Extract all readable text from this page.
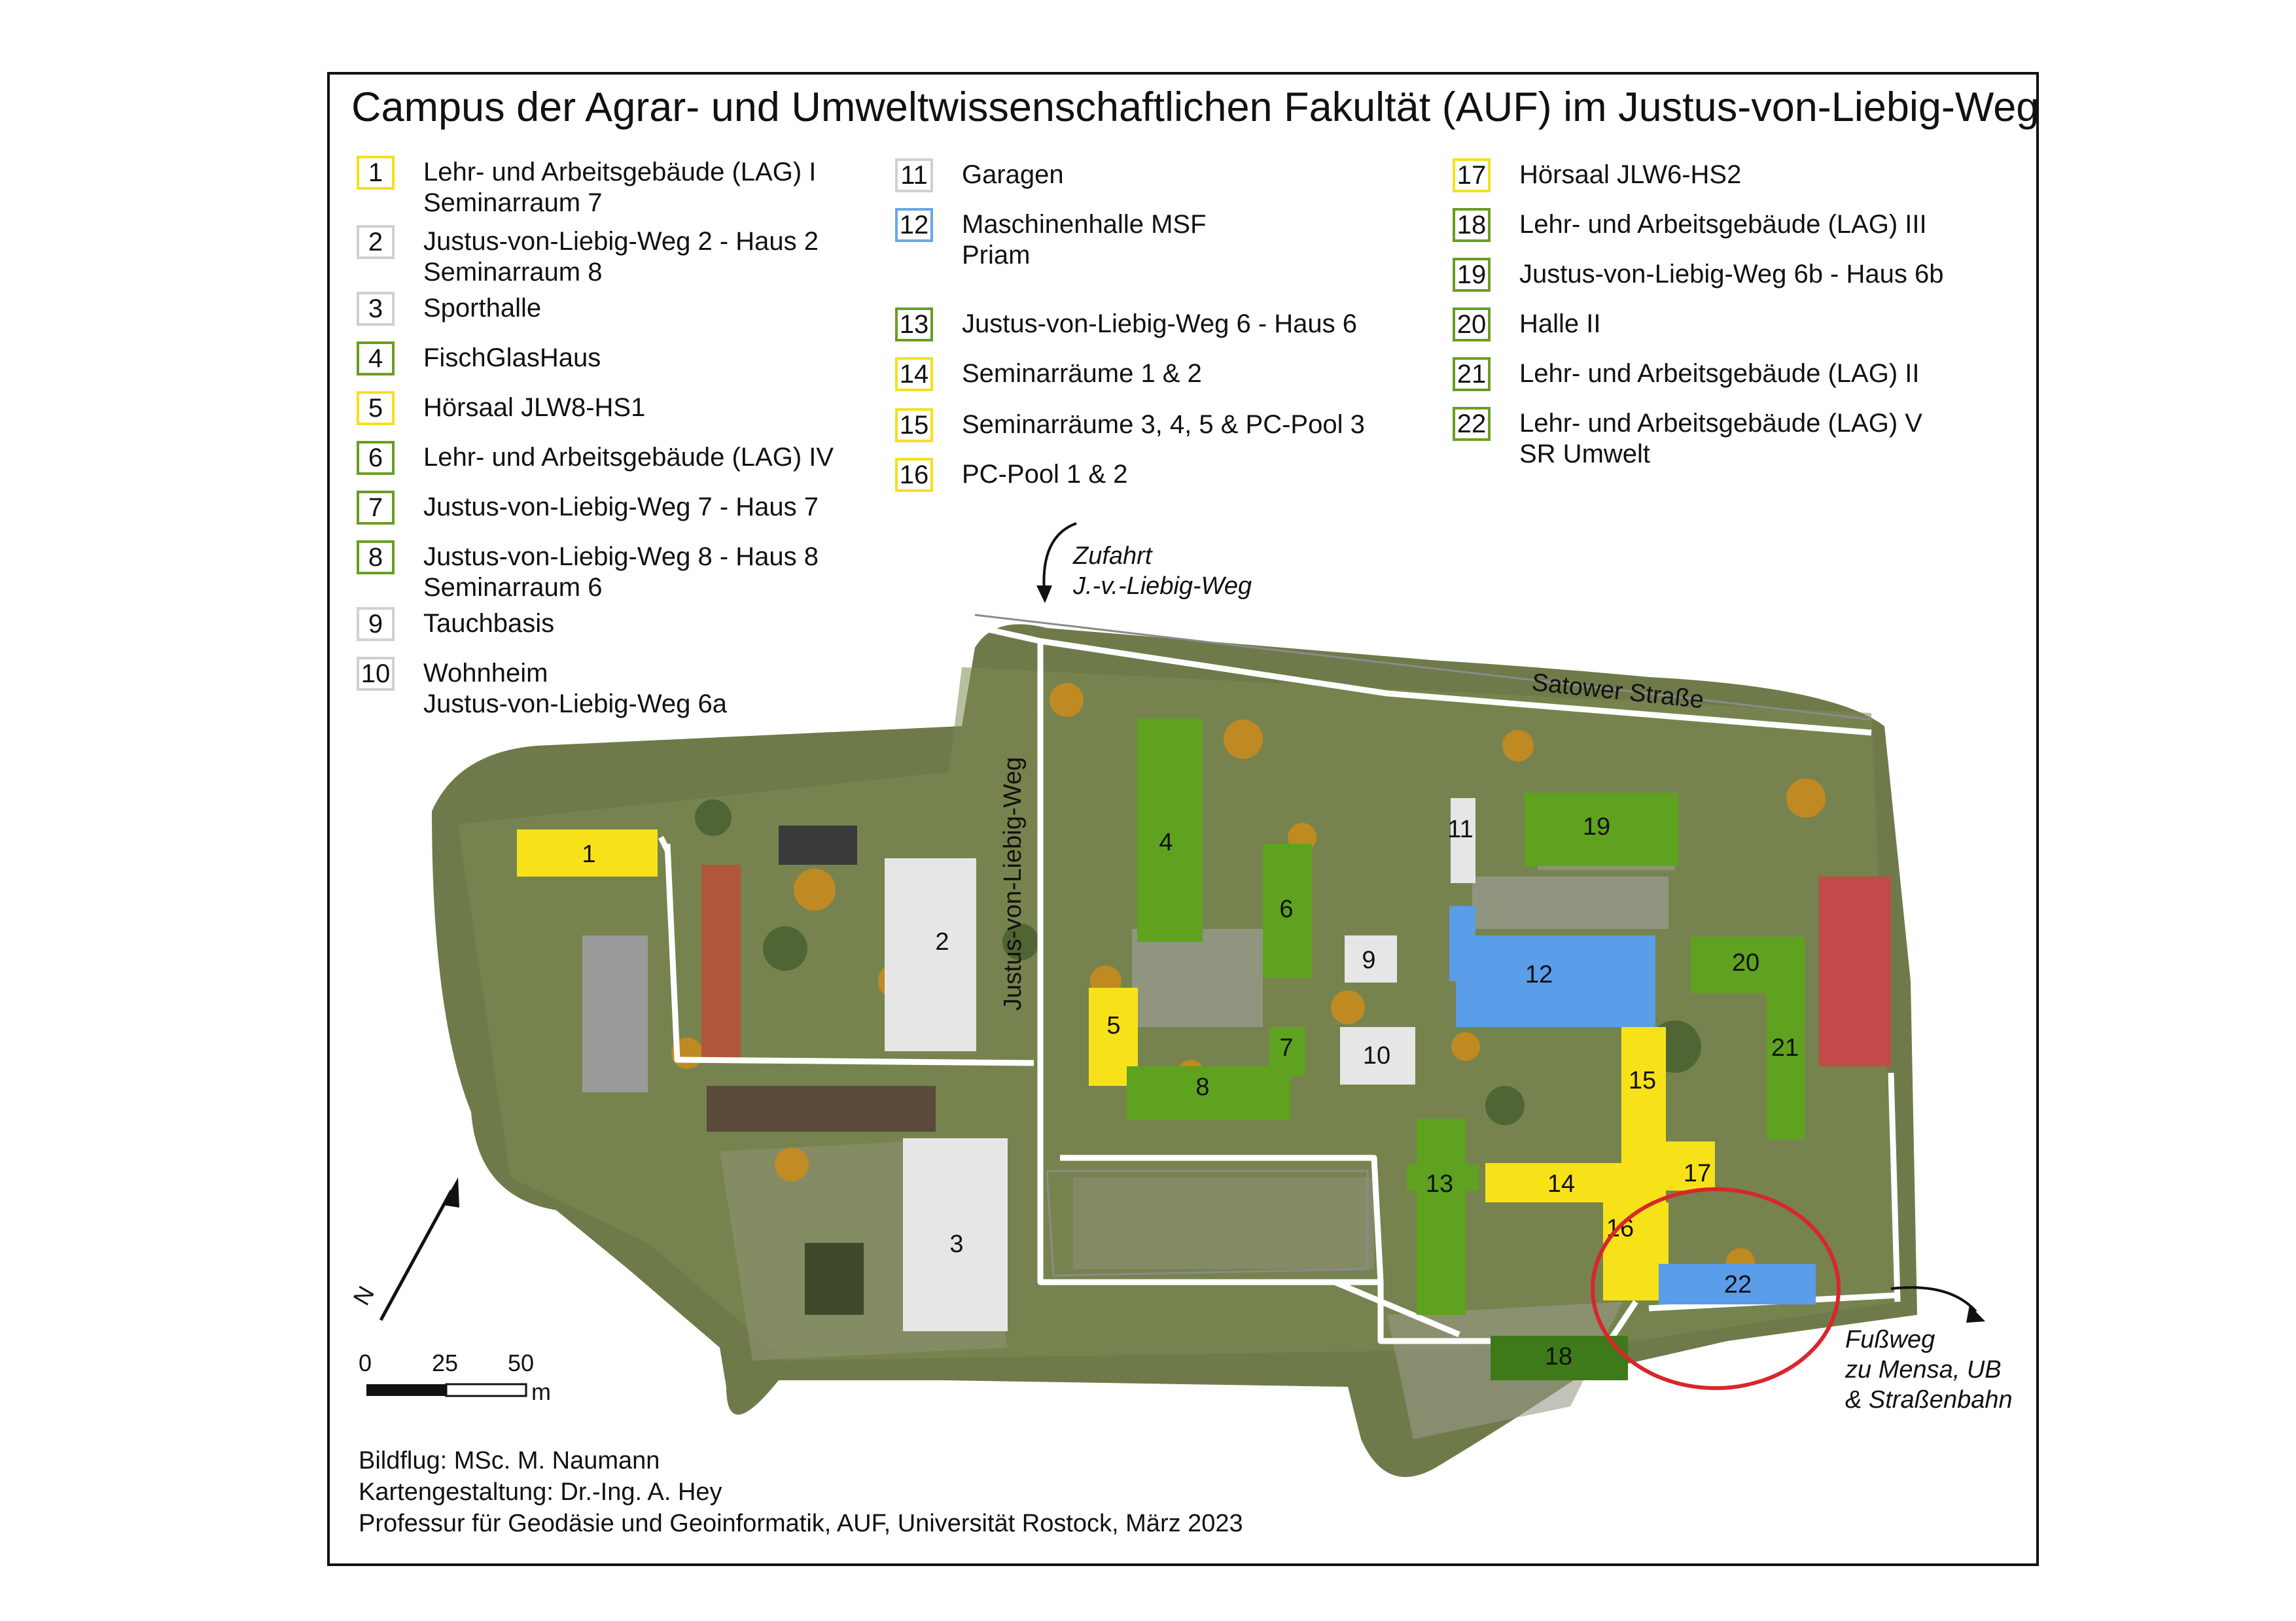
Campus der Agrar- und Umweltwissenschaftlichen Fakultät (AUF) im Justus-von-Liebig-Weg
1	Lehr- und Arbeitsgebäude (LAG) I
Seminarraum 7
2	Justus-von-Liebig-Weg 2 - Haus 2
Seminarraum 8
3	Sporthalle
4	FischGlasHaus
5	Hörsaal JLW8-HS1
6	Lehr- und Arbeitsgebäude (LAG) IV
7	Justus-von-Liebig-Weg 7 - Haus 7
8	Justus-von-Liebig-Weg 8 - Haus 8
Seminarraum 6
9	Tauchbasis
10 Wohnheim
Justus-von-Liebig-Weg 6a
11 Garagen
12 Maschinenhalle MSF
Priam
13 Justus-von-Liebig-Weg 6 - Haus 6
14 Seminarräume 1 & 2
15 Seminarräume 3, 4, 5 & PC-Pool 3
16 PC-Pool 1 & 2
17 Hörsaal JLW6-HS2
18 Lehr- und Arbeitsgebäude (LAG) III
19 Justus-von-Liebig-Weg 6b - Haus 6b
20 Halle II
21 Lehr- und Arbeitsgebäude (LAG) II
22 Lehr- und Arbeitsgebäude (LAG) V
SR Umwelt
1
2
3
4
5
6
7
8
9
10
11
12
13	14
15
16
17
18
19
20
21
22
Justus-von-Liebig-Weg
Satower Straße
Zufahrt
J.-v.-Liebig-Weg
Fußweg
zu Mensa, UB
& Straßenbahn
N
0	25 50
m
Bildflug: MSc. M. Naumann
Kartengestaltung: Dr.-Ing. A. Hey
Professur für Geodäsie und Geoinformatik, AUF, Universität Rostock, März 2023
